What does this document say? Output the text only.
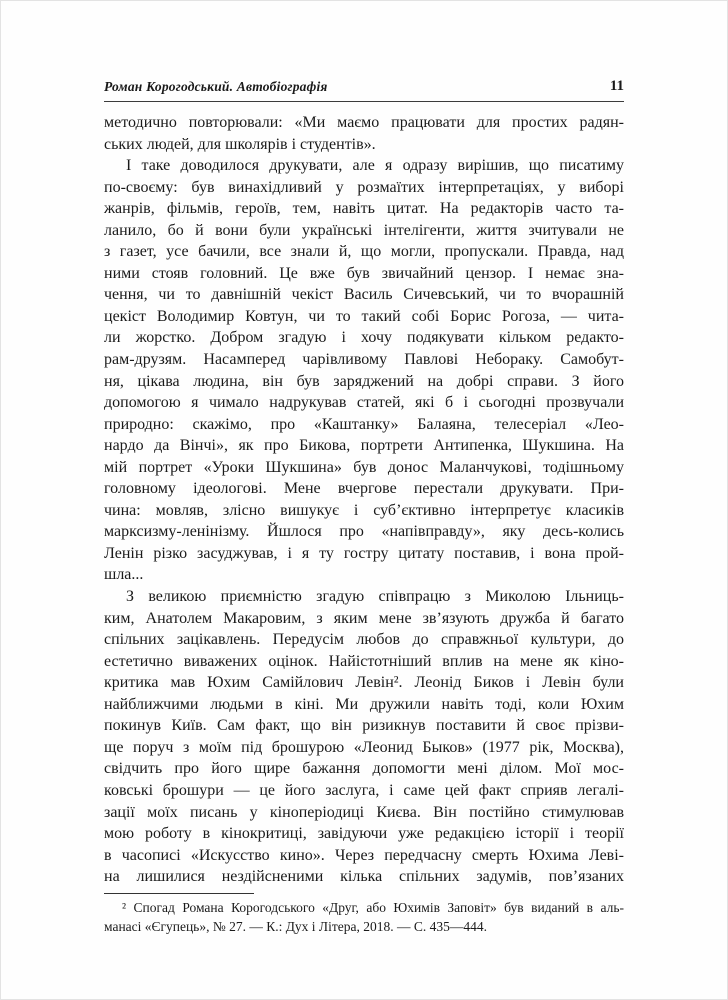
Роман Корогодський. Автобіографія	11
методично повторювали: «Ми маємо працювати для простих радян-
ських людей, для школярів і студентів».
І таке доводилося друкувати, але я одразу вирішив, що писатиму
по-своєму: був винахідливий у розмаїтих інтерпретаціях, у виборі
жанрів, фільмів, героїв, тем, навіть цитат. На редакторів часто та-
ланило, бо й вони були українські інтелігенти, життя зчитували не
з газет, усе бачили, все знали й, що могли, пропускали. Правда, над
ними стояв головний. Це вже був звичайний цензор. І немає зна-
чення, чи то давнішній чекіст Василь Сичевський, чи то вчорашній
цекіст Володимир Ковтун, чи то такий собі Борис Рогоза, — чита-
ли жорстко. Добром згадую і хочу подякувати кільком редакто-
рам-друзям. Насамперед чарівливому Павлові Небораку. Самобут-
ня, цікава людина, він був заряджений на добрі справи. З його
допомогою я чимало надрукував статей, які б і сьогодні прозвучали
природно: скажімо, про «Каштанку» Балаяна, телесеріал «Лео-
нардо да Вінчі», як про Бикова, портрети Антипенка, Шукшина. На
мій портрет «Уроки Шукшина» був донос Маланчукові, тодішньому
головному ідеологові. Мене вчергове перестали друкувати. При-
чина: мовляв, злісно вишукує і суб’єктивно інтерпретує класиків
марксизму-ленінізму. Йшлося про «напівправду», яку десь-колись
Ленін різко засуджував, і я ту гостру цитату поставив, і вона прой-
шла...
З великою приємністю згадую співпрацю з Миколою Ільниць-
ким, Анатолем Макаровим, з яким мене зв’язують дружба й багато
спільних зацікавлень. Передусім любов до справжньої культури, до
естетично виважених оцінок. Найістотніший вплив на мене як кіно-
критика мав Юхим Самійлович Левін². Леонід Биков і Левін були
найближчими людьми в кіні. Ми дружили навіть тоді, коли Юхим
покинув Київ. Сам факт, що він ризикнув поставити й своє прізви-
ще поруч з моїм під брошурою «Леонид Быков» (1977 рік, Москва),
свідчить про його щире бажання допомогти мені ділом. Мої мос-
ковські брошури — це його заслуга, і саме цей факт сприяв легалі-
зації моїх писань у кіноперіодиці Києва. Він постійно стимулював
мою роботу в кінокритиці, завідуючи уже редакцією історії і теорії
в часописі «Искусство кино». Через передчасну смерть Юхима Леві-
на лишилися нездійсненими кілька спільних задумів, пов’язаних
² Спогад Романа Корогодського «Друг, або Юхимів Заповіт» був виданий в аль-
манасі «Єгупець», № 27. — К.: Дух і Літера, 2018. — С. 435—444.
